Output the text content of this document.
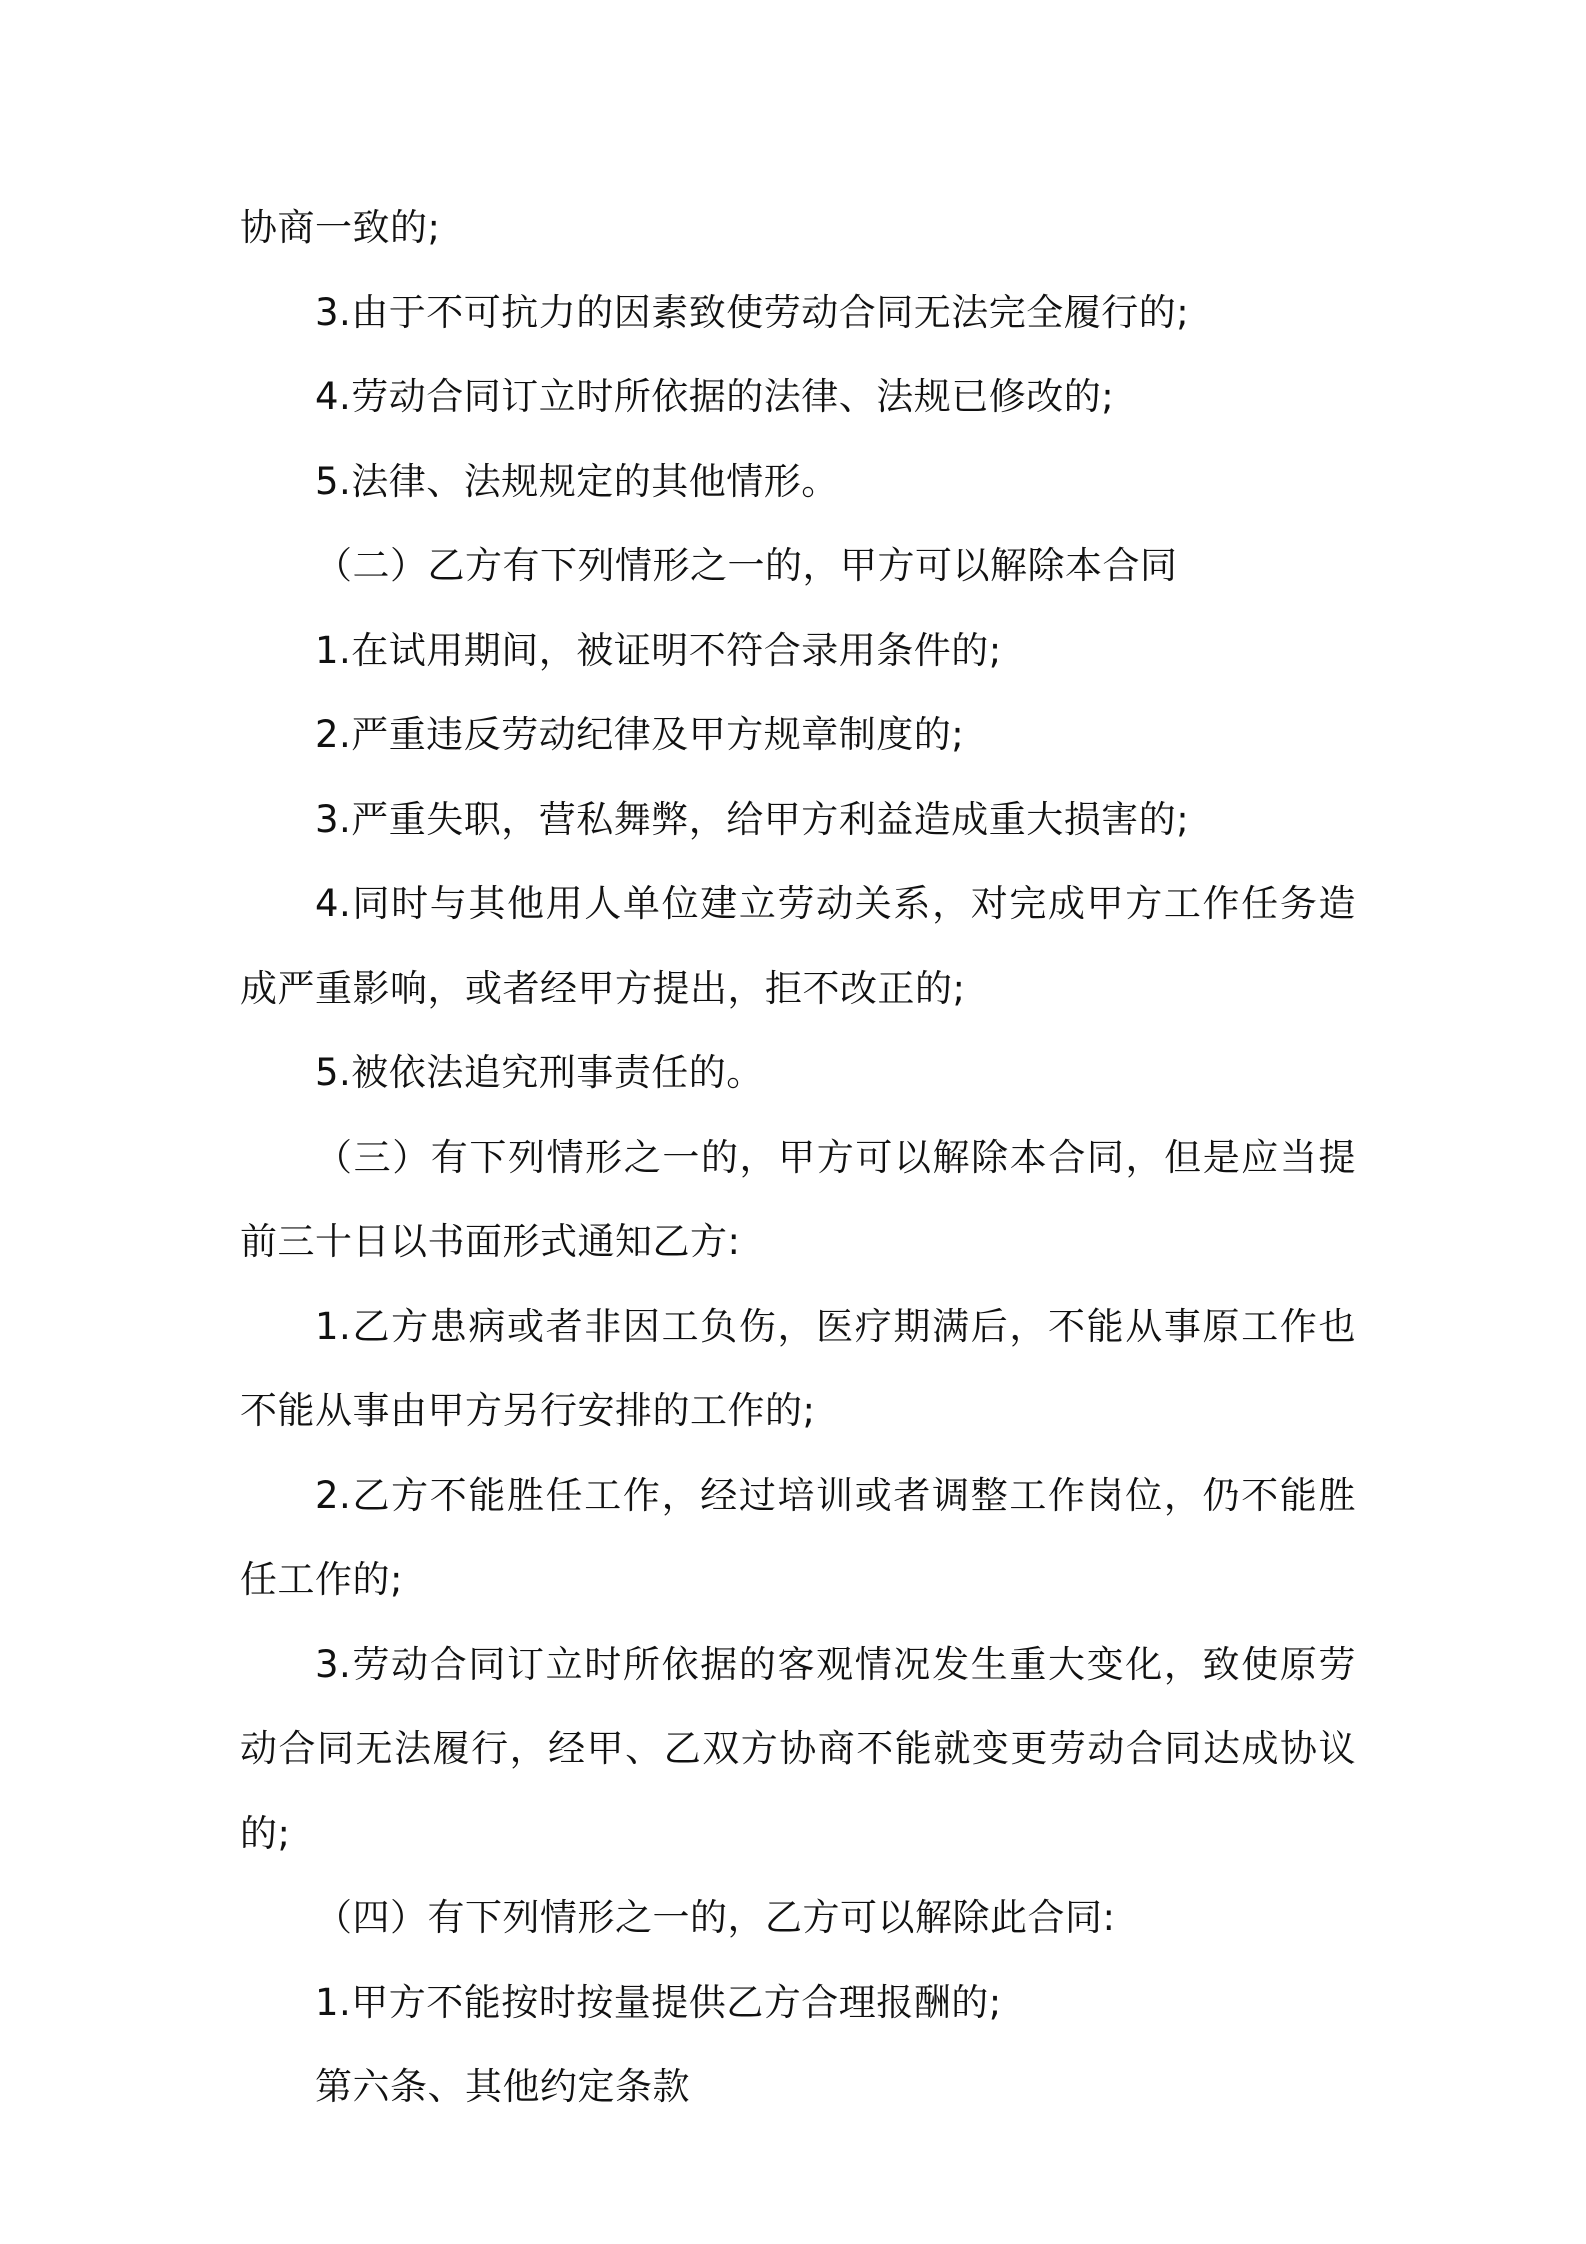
协商一致的;

3.由于不可抗力的因素致使劳动合同无法完全履行的;

4.劳动合同订立时所依据的法律、法规已修改的;

5.法律、法规规定的其他情形。

（二）乙方有下列情形之一的，甲方可以解除本合同

1.在试用期间，被证明不符合录用条件的;

2.严重违反劳动纪律及甲方规章制度的;

3.严重失职，营私舞弊，给甲方利益造成重大损害的;

4.同时与其他用人单位建立劳动关系，对完成甲方工作任务造成严重影响，或者经甲方提出，拒不改正的;

5.被依法追究刑事责任的。

（三）有下列情形之一的，甲方可以解除本合同，但是应当提前三十日以书面形式通知乙方:

1.乙方患病或者非因工负伤，医疗期满后，不能从事原工作也不能从事由甲方另行安排的工作的;

2.乙方不能胜任工作，经过培训或者调整工作岗位，仍不能胜任工作的;

3.劳动合同订立时所依据的客观情况发生重大变化，致使原劳动合同无法履行，经甲、乙双方协商不能就变更劳动合同达成协议的;

（四）有下列情形之一的，乙方可以解除此合同:

1.甲方不能按时按量提供乙方合理报酬的;

第六条、其他约定条款
